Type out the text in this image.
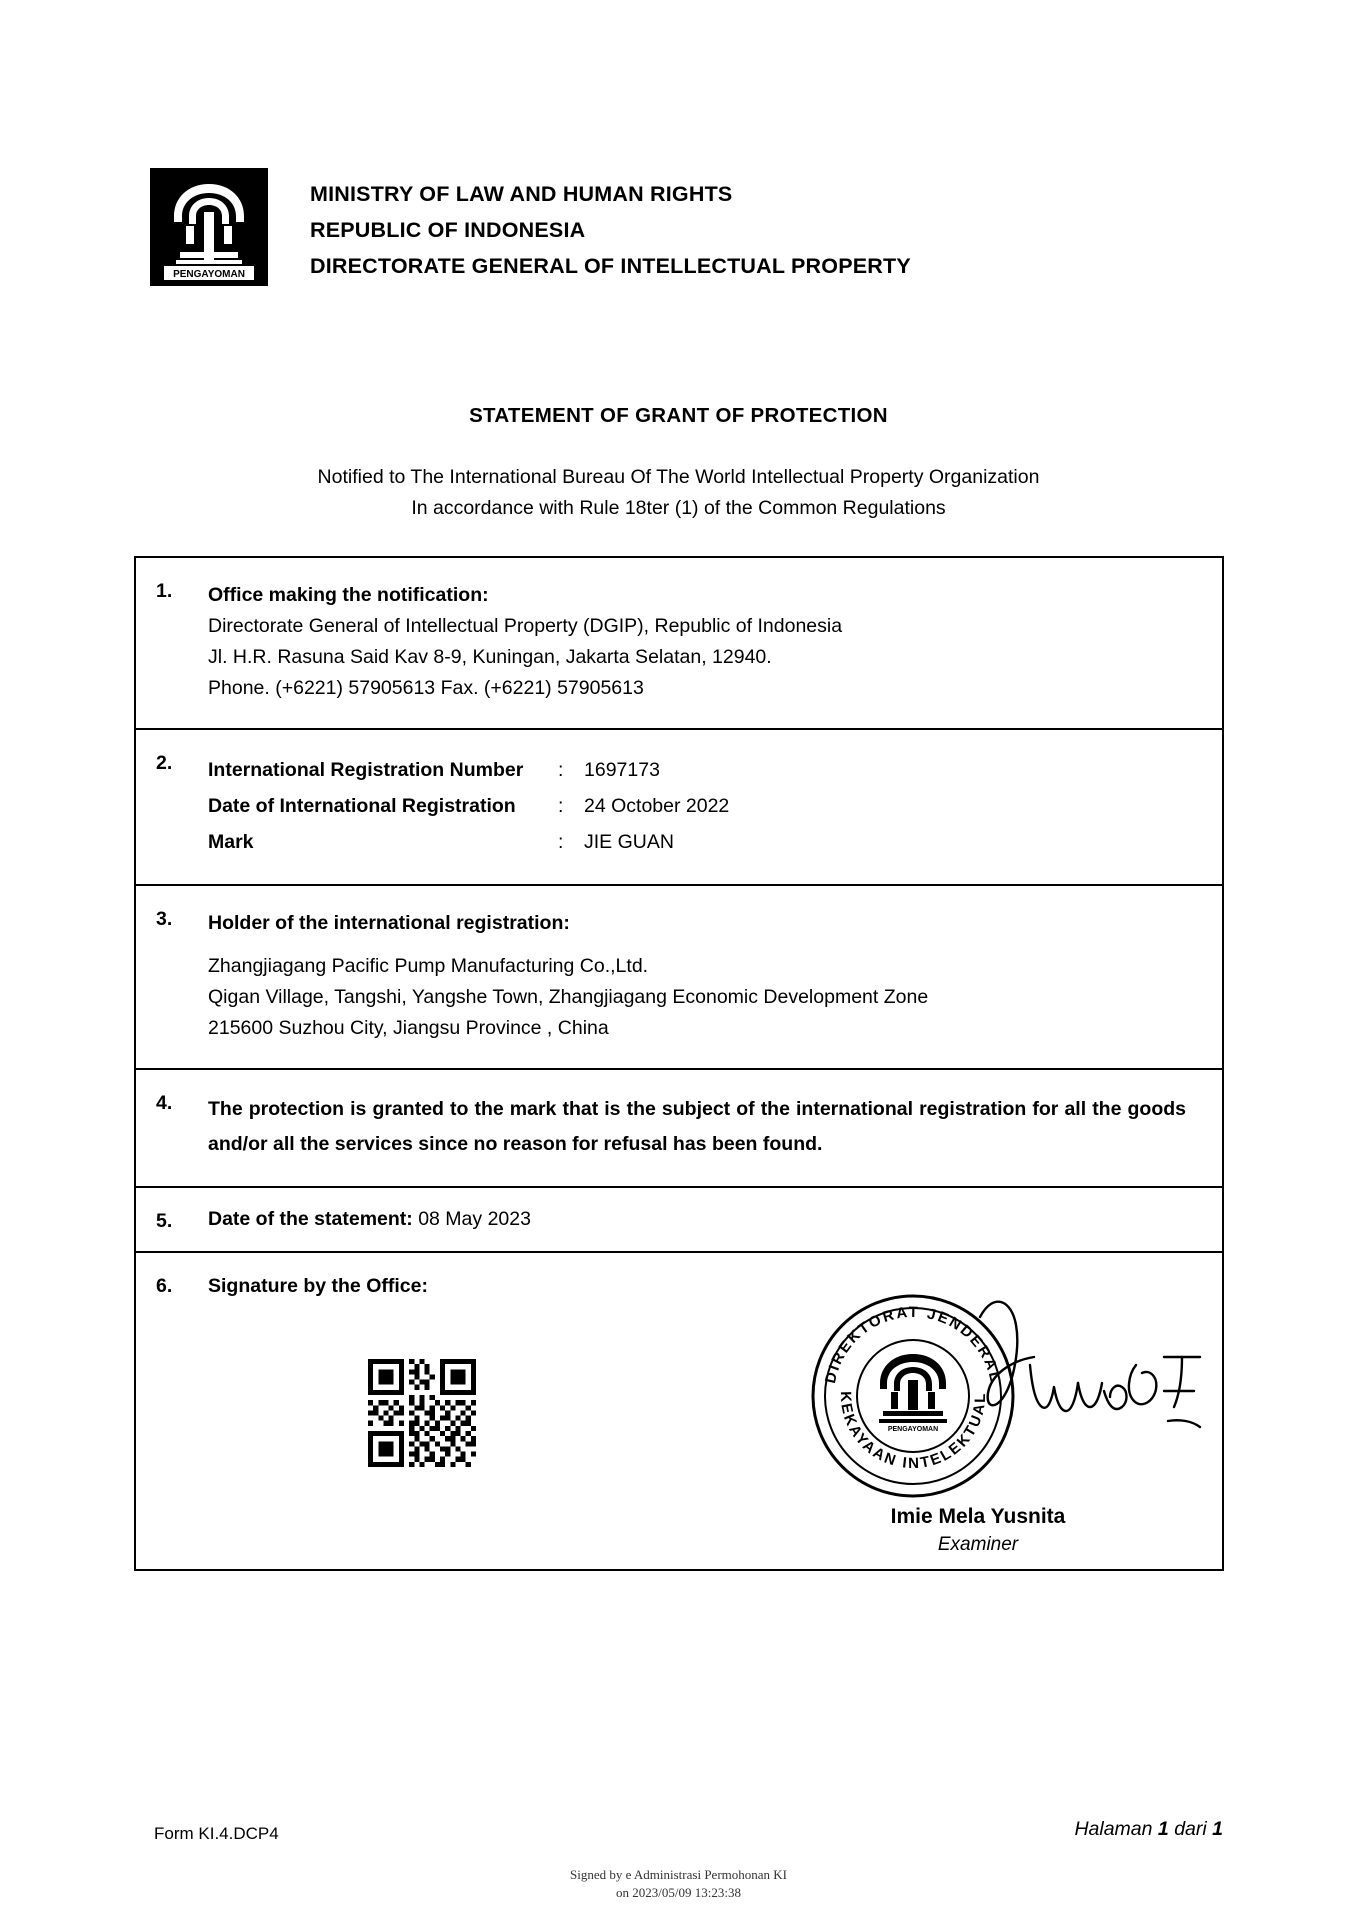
PENGAYOMAN
MINISTRY OF LAW AND HUMAN RIGHTS
REPUBLIC OF INDONESIA
DIRECTORATE GENERAL OF INTELLECTUAL PROPERTY
STATEMENT OF GRANT OF PROTECTION
Notified to The International Bureau Of The World Intellectual Property Organization
In accordance with Rule 18ter (1) of the Common Regulations
1.	Office making the notification:
Directorate General of Intellectual Property (DGIP), Republic of Indonesia
Jl. H.R. Rasuna Said Kav 8-9, Kuningan, Jakarta Selatan, 12940.
Phone. (+6221) 57905613 Fax. (+6221) 57905613
2.	International Registration Number	:	1697173
Date of International Registration	:	24 October 2022
Mark	:	JIE GUAN
3.	Holder of the international registration:
Zhangjiagang Pacific Pump Manufacturing Co.,Ltd.
Qigan Village, Tangshi, Yangshe Town, Zhangjiagang Economic Development Zone
215600 Suzhou City, Jiangsu Province , China
4.	The protection is granted to the mark that is the subject of the international registration for all the goods and/or all the services since no reason for refusal has been found.
5.	Date of the statement: 08 May 2023
6.	Signature by the Office:
DIREKTORAT JENDERAL
KEKAYAAN INTELEKTUAL
PENGAYOMAN
Imie Mela Yusnita
Examiner
Form KI.4.DCP4	Halaman 1 dari 1
Signed by e Administrasi Permohonan KI
on 2023/05/09 13:23:38
